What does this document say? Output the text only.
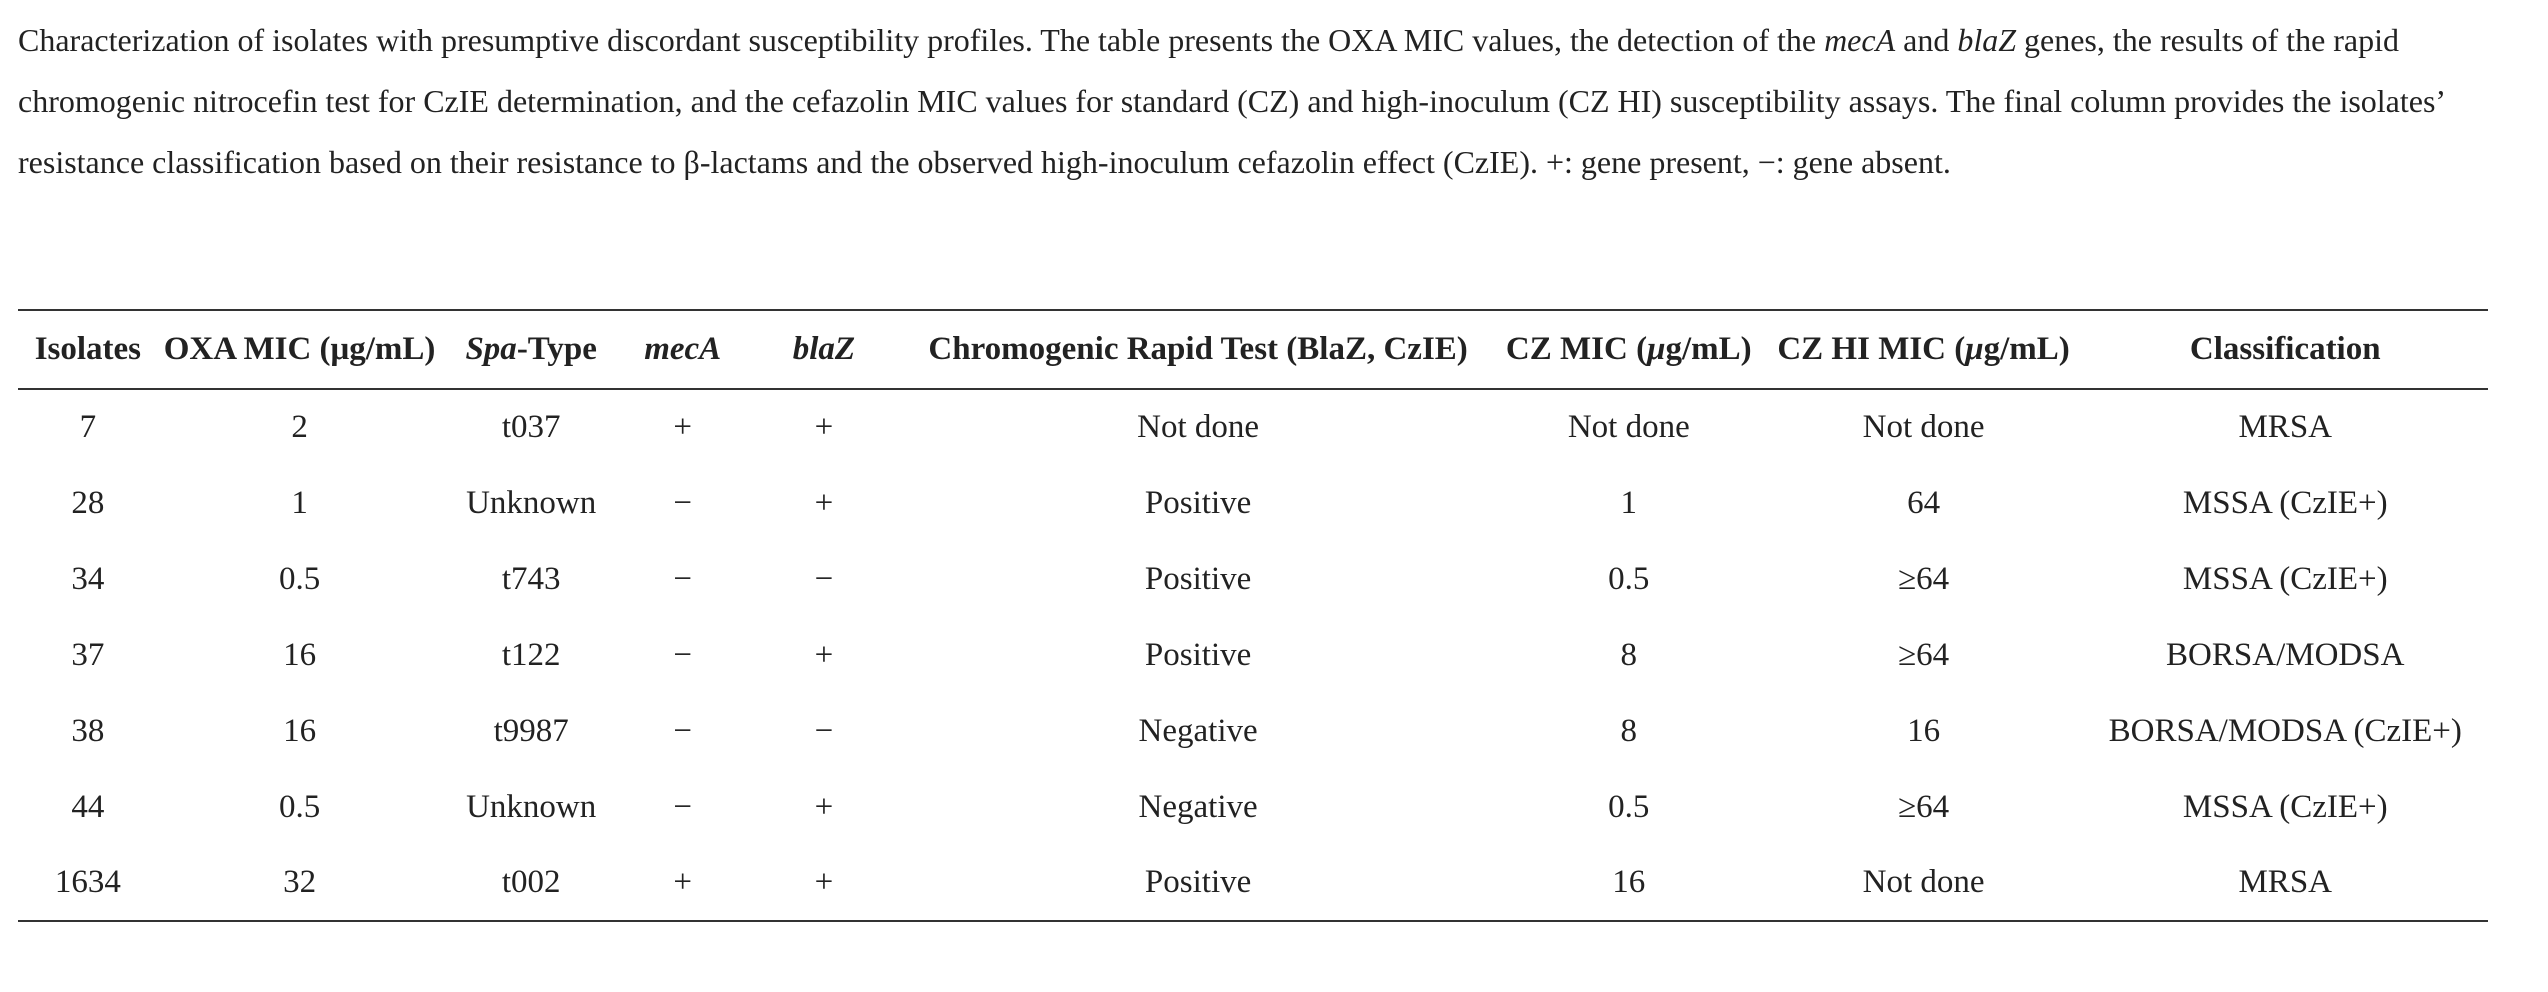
Characterization of isolates with presumptive discordant susceptibility profiles. The table presents the OXA MIC values, the detection of the mecA and blaZ genes, the results of the rapid chromogenic nitrocefin test for CzIE determination, and the cefazolin MIC values for standard (CZ) and high-inoculum (CZ HI) susceptibility assays. The final column provides the isolates’ resistance classification based on their resistance to β-lactams and the observed high-inoculum cefazolin effect (CzIE). +: gene present, −: gene absent.
Isolates	OXA MIC (μg/mL)	Spa-Type	mecA	blaZ	Chromogenic Rapid Test (BlaZ, CzIE)	CZ MIC (μg/mL)	CZ HI MIC (μg/mL)	Classification
7	2	t037	+	+	Not done	Not done	Not done	MRSA
28	1	Unknown	−	+	Positive	1	64	MSSA (CzIE+)
34	0.5	t743	−	−	Positive	0.5	≥64	MSSA (CzIE+)
37	16	t122	−	+	Positive	8	≥64	BORSA/MODSA
38	16	t9987	−	−	Negative	8	16	BORSA/MODSA (CzIE+)
44	0.5	Unknown	−	+	Negative	0.5	≥64	MSSA (CzIE+)
1634	32	t002	+	+	Positive	16	Not done	MRSA
